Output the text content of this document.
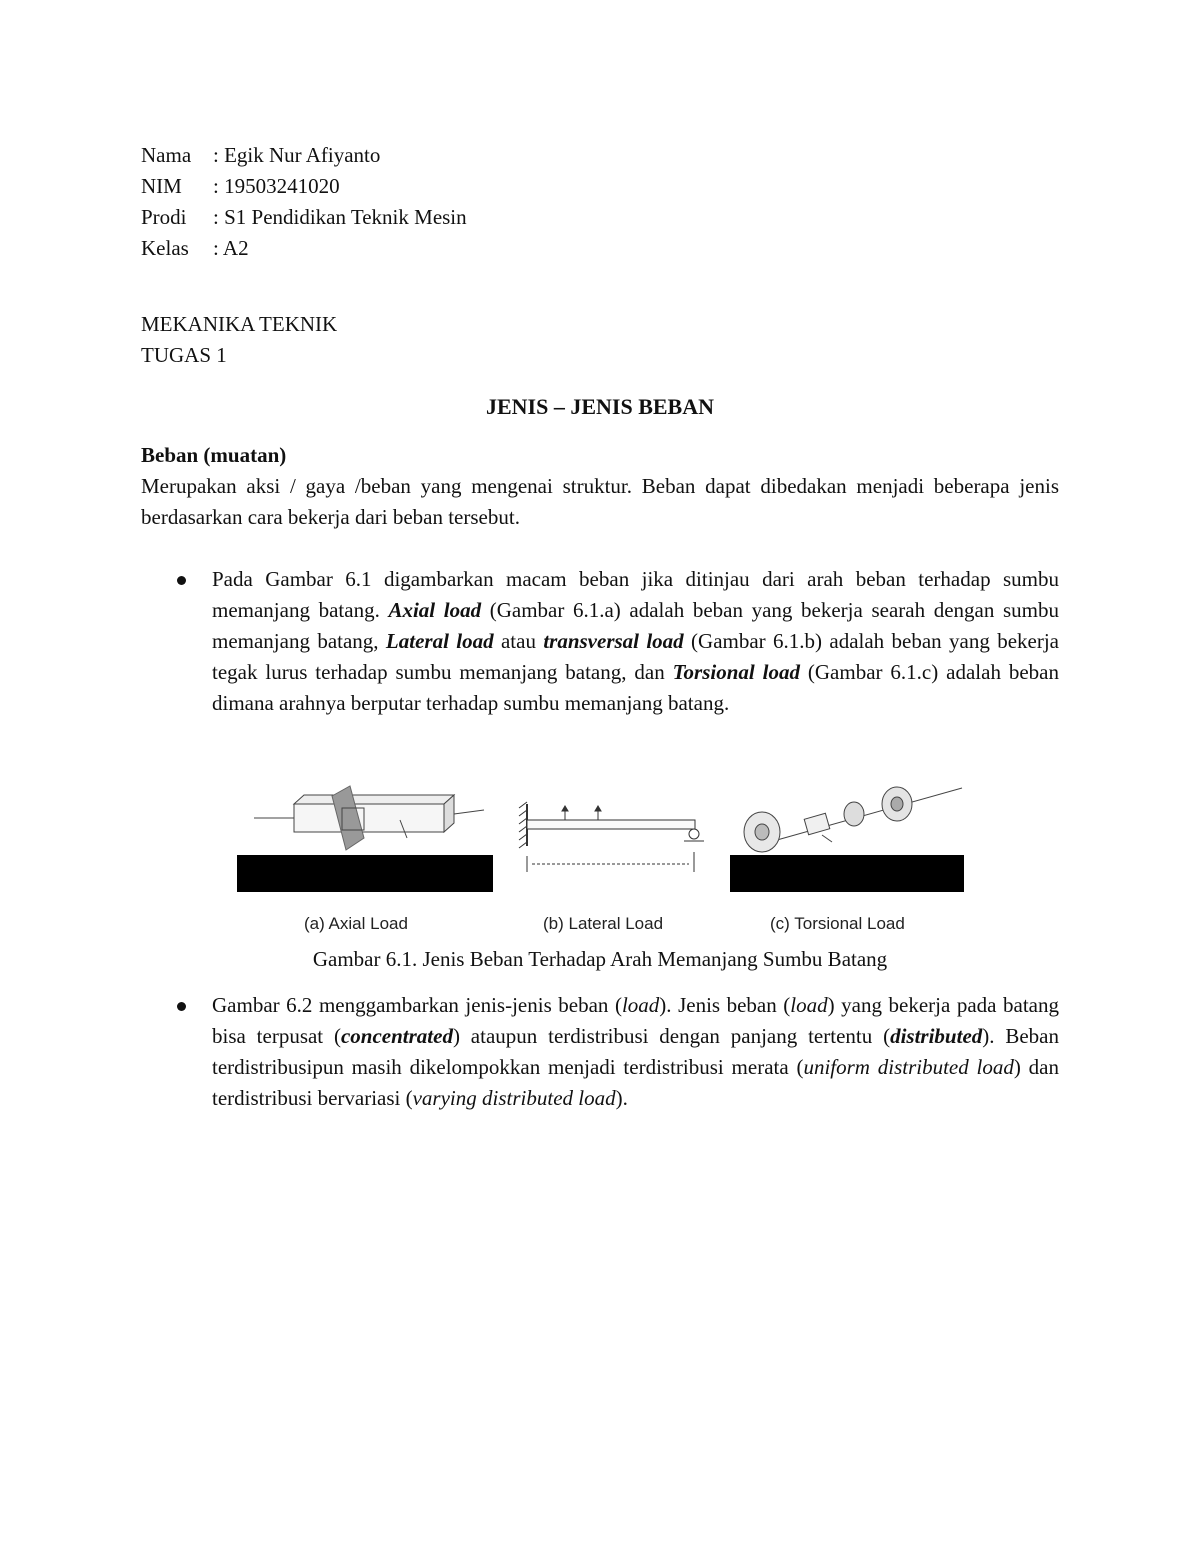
Nama : Egik Nur Afiyanto
NIM : 19503241020
Prodi : S1 Pendidikan Teknik Mesin
Kelas : A2
MEKANIKA TEKNIK
TUGAS 1
JENIS – JENIS BEBAN
Beban (muatan)
Merupakan aksi / gaya /beban yang mengenai struktur. Beban dapat dibedakan menjadi beberapa jenis berdasarkan cara bekerja dari beban tersebut.
Pada Gambar 6.1 digambarkan macam beban jika ditinjau dari arah beban terhadap sumbu memanjang batang. Axial load (Gambar 6.1.a) adalah beban yang bekerja searah dengan sumbu memanjang batang, Lateral load atau transversal load (Gambar 6.1.b) adalah beban yang bekerja tegak lurus terhadap sumbu memanjang batang, dan Torsional load (Gambar 6.1.c) adalah beban dimana arahnya berputar terhadap sumbu memanjang batang.
(a) Axial Load	(b) Lateral Load	(c) Torsional Load
Gambar 6.1. Jenis Beban Terhadap Arah Memanjang Sumbu Batang
Gambar 6.2 menggambarkan jenis-jenis beban (load). Jenis beban (load) yang bekerja pada batang bisa terpusat (concentrated) ataupun terdistribusi dengan panjang tertentu (distributed). Beban terdistribusipun masih dikelompokkan menjadi terdistribusi merata (uniform distributed load) dan terdistribusi bervariasi (varying distributed load).
